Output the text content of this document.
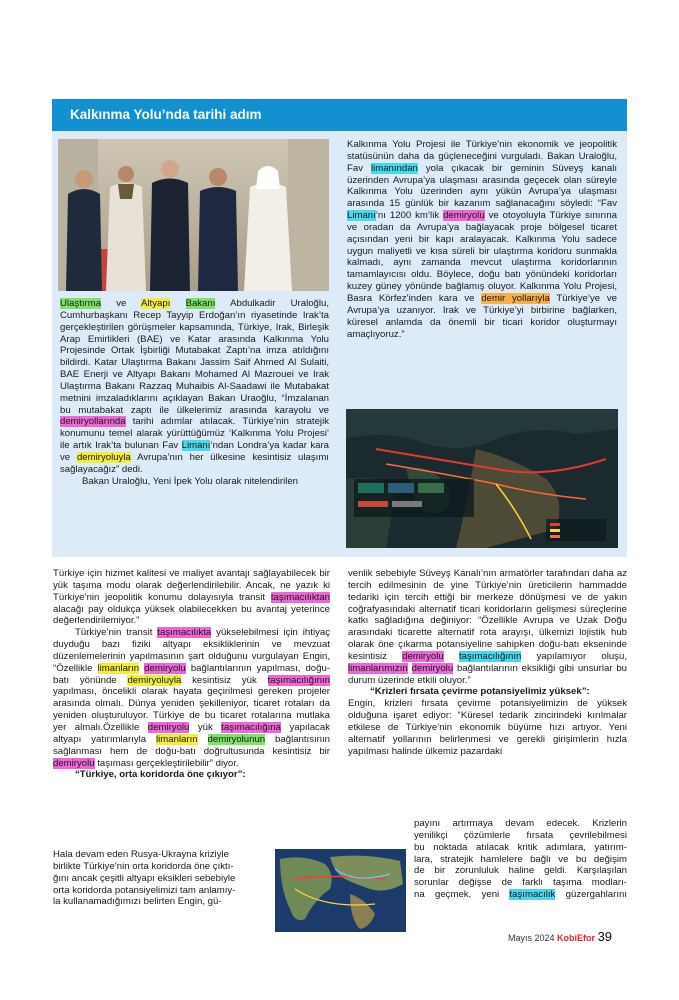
Kalkınma Yolu’nda tarihi adım

Ulaştırma ve Altyapı Bakanı Abdulkadir Uraloğlu, Cumhurbaşkanı Recep Tayyip Erdoğan’ın riyasetinde Irak’ta gerçekleştirilen görüşmeler kapsamında, Türkiye, Irak, Birleşik Arap Emirlikleri (BAE) ve Katar arasında Kalkınma Yolu Projesinde Ortak İşbirliği Mutabakat Zaptı’na imza atıldığını bildirdi. Katar Ulaştırma Bakanı Jassim Saif Ahmed Al Sulaiti, BAE Enerji ve Altyapı Bakanı Mohamed Al Mazrouei ve Irak Ulaştırma Bakanı Razzaq Muhaibis Al-Saadawi ile Mutabakat metnini imzaladıklarını açıklayan Bakan Uraoğlu, “İmzalanan bu mutabakat zaptı ile ülkelerimiz arasında karayolu ve demiryollarında tarihi adımlar atılacak. Türkiye’nin stratejik konumunu temel alarak yürüttüğümüz ‘Kalkınma Yolu Projesi’ ile artık Irak’ta bulunan Fav Limanı’ndan Londra’ya kadar kara ve demiryoluyla Avrupa’nın her ülkesine kesintisiz ulaşımı sağlayacağız” dedi.

Bakan Uraloğlu, Yeni İpek Yolu olarak nitelendirilen

Kalkınma Yolu Projesi ile Türkiye’nin ekonomik ve jeopolitik statüsünün daha da güçleneceğini vurguladı. Bakan Uraloğlu, Fav limanından yola çıkacak bir geminin Süveyş kanalı üzerinden Avrupa’ya ulaşması arasında geçecek olan süreyle Kalkınma Yolu üzerinden aynı yükün Avrupa’ya ulaşması arasında 15 günlük bir kazanım sağlanacağını söyledi: “Fav Limanı’nı 1200 km’lik demiryolu ve otoyoluyla Türkiye sınırına ve oradan da Avrupa’ya bağlayacak proje bölgesel ticaret açısından yeni bir kapı aralayacak. Kalkınma Yolu sadece uygun maliyetli ve kısa süreli bir ulaştırma koridoru sunmakla kalmadı, aynı zamanda mevcut ulaştırma koridorlarının tamamlayıcısı oldu. Böylece, doğu batı yönündeki koridorları kuzey güney yönünde bağlamış oluyor. Kalkınma Yolu Projesi, Basra Körfez’inden kara ve demir yollarıyla Türkiye’ye ve Avrupa’ya uzanıyor. Irak ve Türkiye’yi birbirine bağlarken, küresel anlamda da önemli bir ticari koridor oluşturmayı amaçlıyoruz.”

Türkiye için hizmet kalitesi ve maliyet avantajı sağlayabilecek bir yük taşıma modu olarak değerlendirilebilir. Ancak, ne yazık ki Türkiye’nin jeopolitik konumu dolayısıyla transit taşımacılıktan alacağı pay oldukça yüksek olabilecekken bu avantaj yeterince değerlendirilemiyor.”

Türkiye’nin transit taşımacılıkta yükselebilmesi için ihtiyaç duyduğu bazı fiziki altyapı eksikliklerinin ve mevzuat düzenlemelerinin yapılmasının şart olduğunu vurgulayan Engin, “Özellikle limanların demiryolu bağlantılarının yapılması, doğu-batı yönünde demiryoluyla kesintisiz yük taşımacılığının yapılması, öncelikli olarak hayata geçirilmesi gereken projeler arasında olmalı. Dünya yeniden şekilleniyor, ticaret rotaları da yeniden oluşturuluyor. Türkiye de bu ticaret rotalarına mutlaka yer almalı.Özellikle demiryolu yük taşımacılığına yapılacak altyapı yatırımlarıyla limanların demiryolunun bağlantısının sağlanması hem de doğu-batı doğrultusunda kesintisiz bir demiryolu taşıması gerçekleştirilebilir” diyor.

“Türkiye, orta koridorda öne çıkıyor”:

Hala devam eden Rusya-Ukrayna kriziyle

birlikte Türkiye’nin orta koridorda öne çıktı-

ğını ancak çeşitli altyapı eksikleri sebebiyle

orta koridorda potansiyelimizi tam anlamıy-

la kullanamadığımızı belirten Engin, gü-

venlik sebebiyle Süveyş Kanalı’nın armatörler tarafından daha az tercih edilmesinin de yine Türkiye’nin üreticilerin hammadde tedariki için tercih ettiği bir merkeze dönüşmesi ve de yakın coğrafyasındaki alternatif ticari koridorların gelişmesi süreçlerine katkı sağladığına değiniyor: “Özellikle Avrupa ve Uzak Doğu arasındaki ticarette alternatif rota arayışı, ülkemizi lojistik hub olarak öne çıkarma potansiyeline sahipken doğu-batı ekseninde kesintisiz demiryolu taşımacılığının yapılamıyor oluşu, limanlarımızın demiryolu bağlantılarının eksikliği gibi unsurlar bu durum üzerinde etkili oluyor.”

“Krizleri fırsata çevirme potansiyelimiz yüksek”:

Engin, krizleri fırsata çevirme potansiyelimizin de yüksek olduğuna işaret ediyor: “Küresel tedarik zincirindeki kırılmalar etkilese de Türkiye’nin ekonomik büyüme hızı artıyor. Yeni alternatif yollarının belirlenmesi ve gerekli girişimlerin hızla yapılması halinde ülkemiz pazardaki

payını artırmaya devam edecek. Krizlerin

yenilikçi çözümlerle fırsata çevrilebilmesi

bu noktada atılacak kritik adımlara, yatırım-

lara, stratejik hamlelere bağlı ve bu değişim

de bir zorunluluk haline geldi. Karşılaşılan

sorunlar değişse de farklı taşıma modları-

na geçmek, yeni taşımacılık güzergahlarını

Mayıs 2024 KobiEfor 39
